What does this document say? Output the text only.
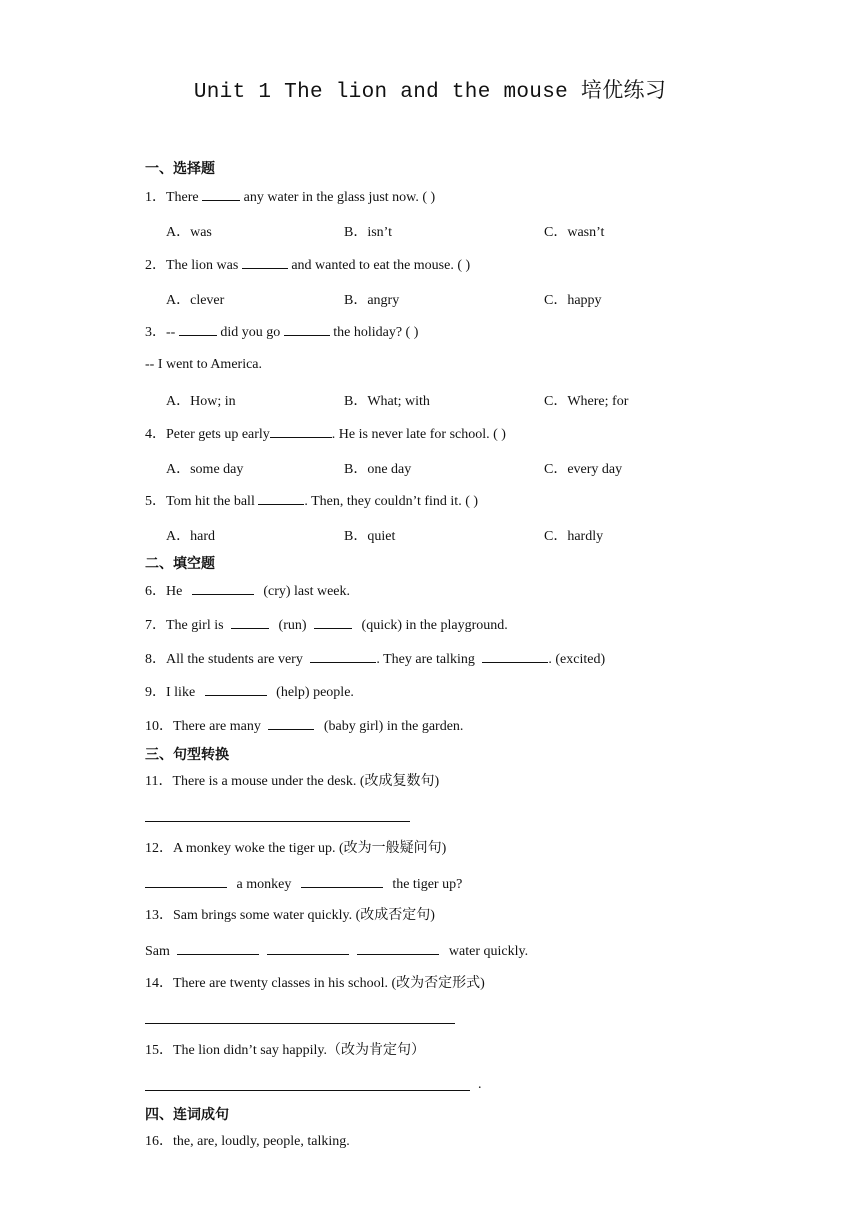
Unit 1 The lion and the mouse 培优练习
一、选择题
1．There	any water in the glass just now. ( )
A．was	B．isn’t	C．wasn’t
2．The lion was	and wanted to eat the mouse. ( )
A．clever	B．angry	C．happy
3．--	did you go	the holiday? ( )
-- I went to America.
A．How; in	B．What; with	C．Where; for
4．Peter gets up early	. He is never late for school. ( )
A．some day	B．one day	C．every day
5．Tom hit the ball	. Then, they couldn’t find it. ( )
A．hard	B．quiet	C．hardly
二、填空题
6．He	(cry) last week.
7．The girl is	(run)	(quick) in the playground.
8．All the students are very	. They are talking	. (excited)
9．I like	(help) people.
10．There are many	(baby girl) in the garden.
三、句型转换
11．There is a mouse under the desk. (改成复数句)
12．A monkey woke the tiger up. (改为一般疑问句)
a monkey	the tiger up?
13．Sam brings some water quickly. (改成否定句)
Sam	water quickly.
14．There are twenty classes in his school. (改为否定形式)
15．The lion didn’t say happily.（改为肯定句）
.
四、连词成句
16．the, are, loudly, people, talking.
